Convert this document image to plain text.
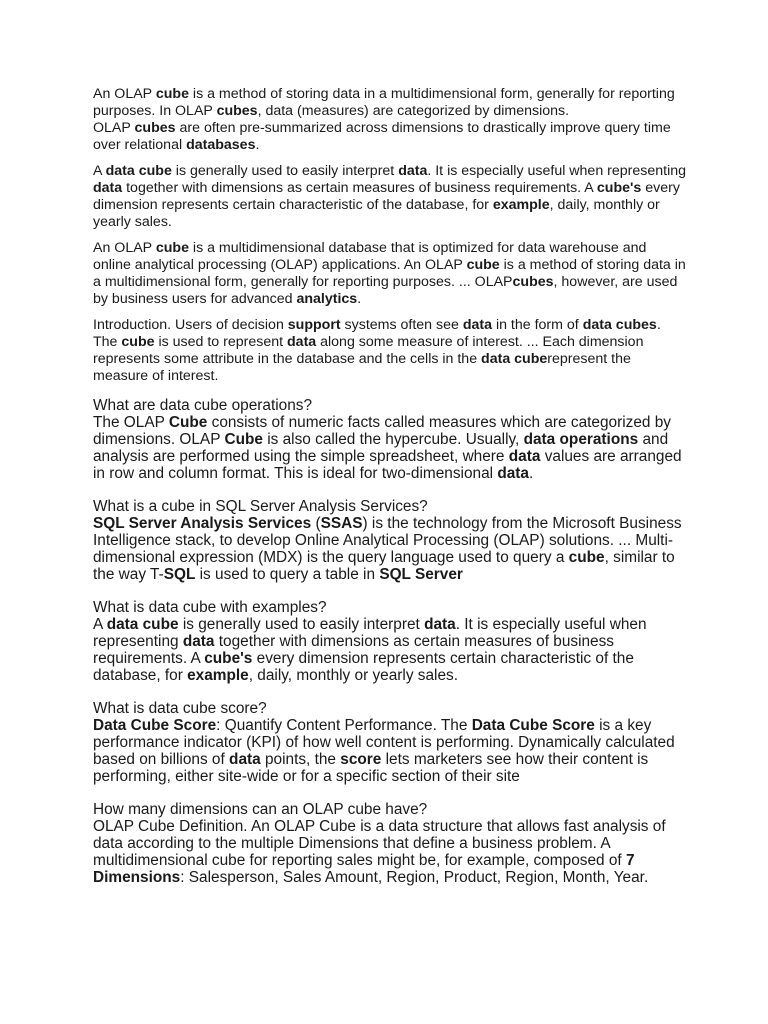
An OLAP cube is a method of storing data in a multidimensional form, generally for reporting purposes. In OLAP cubes, data (measures) are categorized by dimensions.

OLAP cubes are often pre-summarized across dimensions to drastically improve query time over relational databases.

A data cube is generally used to easily interpret data. It is especially useful when representing data together with dimensions as certain measures of business requirements. A cube's every dimension represents certain characteristic of the database, for example, daily, monthly or yearly sales.

An OLAP cube is a multidimensional database that is optimized for data warehouse and online analytical processing (OLAP) applications. An OLAP cube is a method of storing data in a multidimensional form, generally for reporting purposes. ... OLAPcubes, however, are used by business users for advanced analytics.

Introduction. Users of decision support systems often see data in the form of data cubes. The cube is used to represent data along some measure of interest. ... Each dimension represents some attribute in the database and the cells in the data cuberepresent the measure of interest.

What are data cube operations?
The OLAP Cube consists of numeric facts called measures which are categorized by dimensions. OLAP Cube is also called the hypercube. Usually, data operations and analysis are performed using the simple spreadsheet, where data values are arranged in row and column format. This is ideal for two-dimensional data.
What is a cube in SQL Server Analysis Services?
SQL Server Analysis Services (SSAS) is the technology from the Microsoft Business Intelligence stack, to develop Online Analytical Processing (OLAP) solutions. ... Multi-dimensional expression (MDX) is the query language used to query a cube, similar to the way T-SQL is used to query a table in SQL Server
What is data cube with examples?
A data cube is generally used to easily interpret data. It is especially useful when representing data together with dimensions as certain measures of business requirements. A cube's every dimension represents certain characteristic of the database, for example, daily, monthly or yearly sales.
What is data cube score?
Data Cube Score: Quantify Content Performance. The Data Cube Score is a key performance indicator (KPI) of how well content is performing. Dynamically calculated based on billions of data points, the score lets marketers see how their content is performing, either site-wide or for a specific section of their site
How many dimensions can an OLAP cube have?
OLAP Cube Definition. An OLAP Cube is a data structure that allows fast analysis of data according to the multiple Dimensions that define a business problem. A multidimensional cube for reporting sales might be, for example, composed of 7 Dimensions: Salesperson, Sales Amount, Region, Product, Region, Month, Year.
